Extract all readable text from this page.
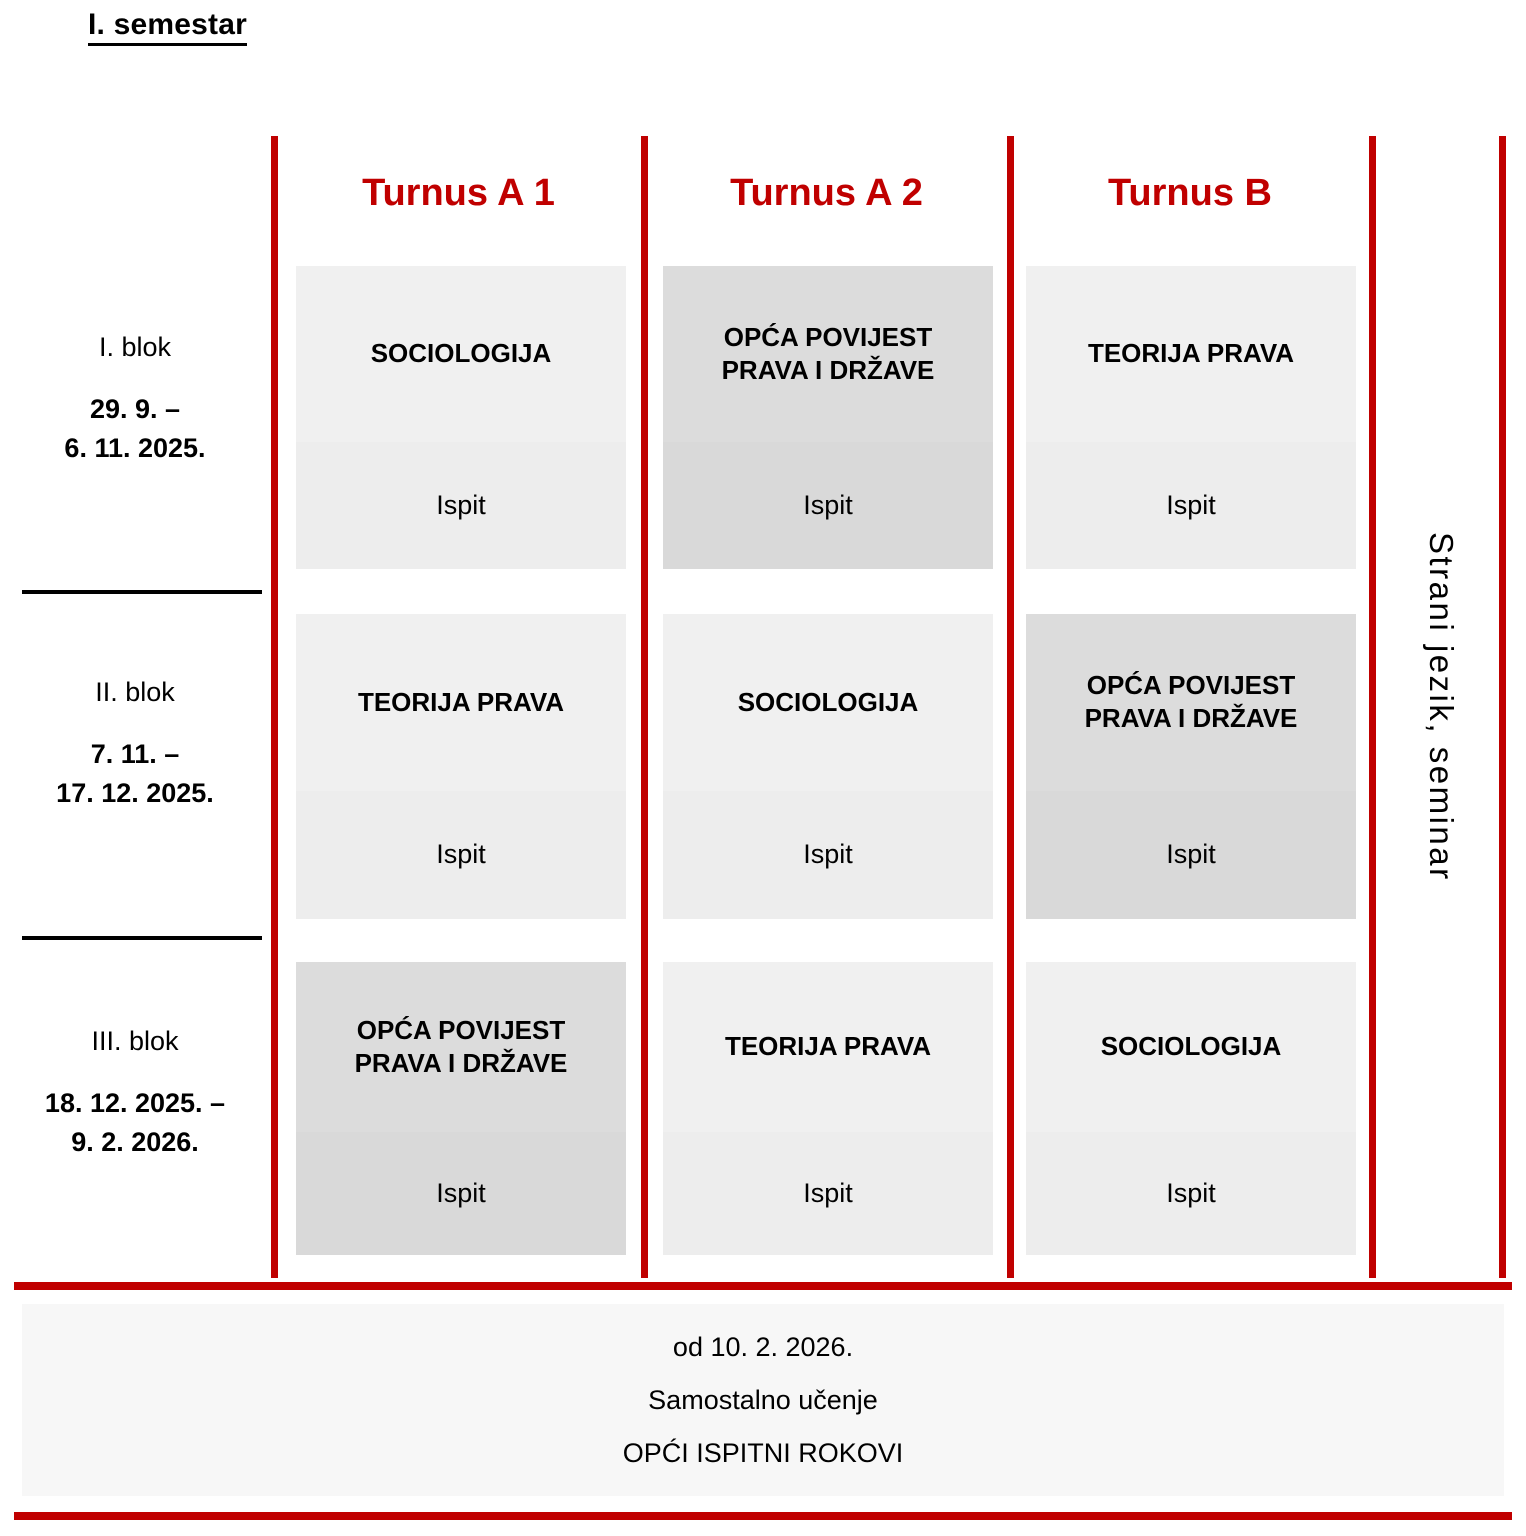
I. semestar
Turnus A 1	Turnus A 2	Turnus B
I. blok
29. 9. –
6. 11. 2025.
II. blok
7. 11. –
17. 12. 2025.
III. blok
18. 12. 2025. –
9. 2. 2026.
SOCIOLOGIJA
Ispit
OPĆA POVIJEST
PRAVA I DRŽAVE
Ispit
TEORIJA PRAVA
Ispit
TEORIJA PRAVA
Ispit
SOCIOLOGIJA
Ispit
OPĆA POVIJEST
PRAVA I DRŽAVE
Ispit
OPĆA POVIJEST
PRAVA I DRŽAVE
Ispit
TEORIJA PRAVA
Ispit
SOCIOLOGIJA
Ispit
Strani jezik, seminar
od 10. 2. 2026.
Samostalno učenje
OPĆI ISPITNI ROKOVI
